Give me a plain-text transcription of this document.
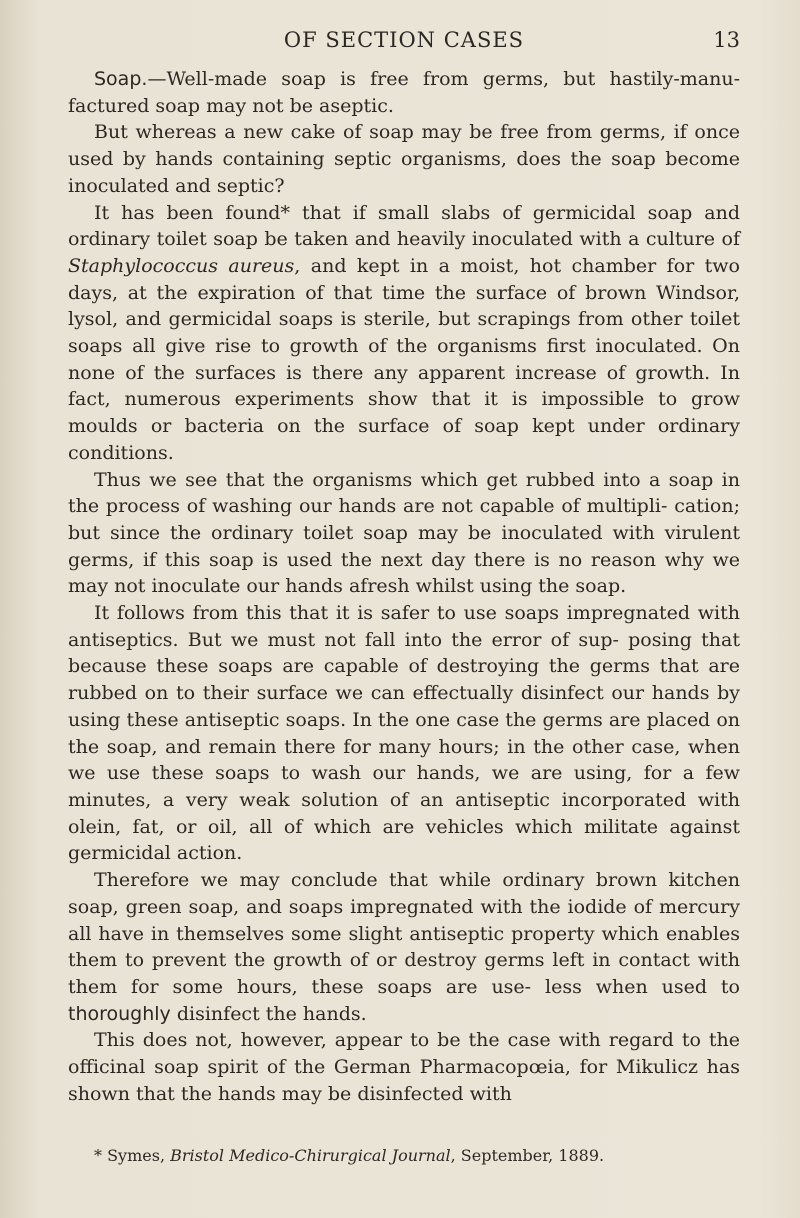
OF SECTION CASES	13

Soap.—Well-made soap is free from germs, but hastily-manu- factured soap may not be aseptic.

But whereas a new cake of soap may be free from germs, if once used by hands containing septic organisms, does the soap become inoculated and septic?

It has been found* that if small slabs of germicidal soap and ordinary toilet soap be taken and heavily inoculated with a culture of Staphylococcus aureus, and kept in a moist, hot chamber for two days, at the expiration of that time the surface of brown Windsor, lysol, and germicidal soaps is sterile, but scrapings from other toilet soaps all give rise to growth of the organisms first inoculated. On none of the surfaces is there any apparent increase of growth. In fact, numerous experiments show that it is impossible to grow moulds or bacteria on the surface of soap kept under ordinary conditions.

Thus we see that the organisms which get rubbed into a soap in the process of washing our hands are not capable of multipli- cation; but since the ordinary toilet soap may be inoculated with virulent germs, if this soap is used the next day there is no reason why we may not inoculate our hands afresh whilst using the soap.

It follows from this that it is safer to use soaps impregnated with antiseptics. But we must not fall into the error of sup- posing that because these soaps are capable of destroying the germs that are rubbed on to their surface we can effectually disinfect our hands by using these antiseptic soaps. In the one case the germs are placed on the soap, and remain there for many hours; in the other case, when we use these soaps to wash our hands, we are using, for a few minutes, a very weak solution of an antiseptic incorporated with olein, fat, or oil, all of which are vehicles which militate against germicidal action.

Therefore we may conclude that while ordinary brown kitchen soap, green soap, and soaps impregnated with the iodide of mercury all have in themselves some slight antiseptic property which enables them to prevent the growth of or destroy germs left in contact with them for some hours, these soaps are use- less when used to thoroughly disinfect the hands.

This does not, however, appear to be the case with regard to the officinal soap spirit of the German Pharmacopœia, for Mikulicz has shown that the hands may be disinfected with

* Symes, Bristol Medico-Chirurgical Journal, September, 1889.
